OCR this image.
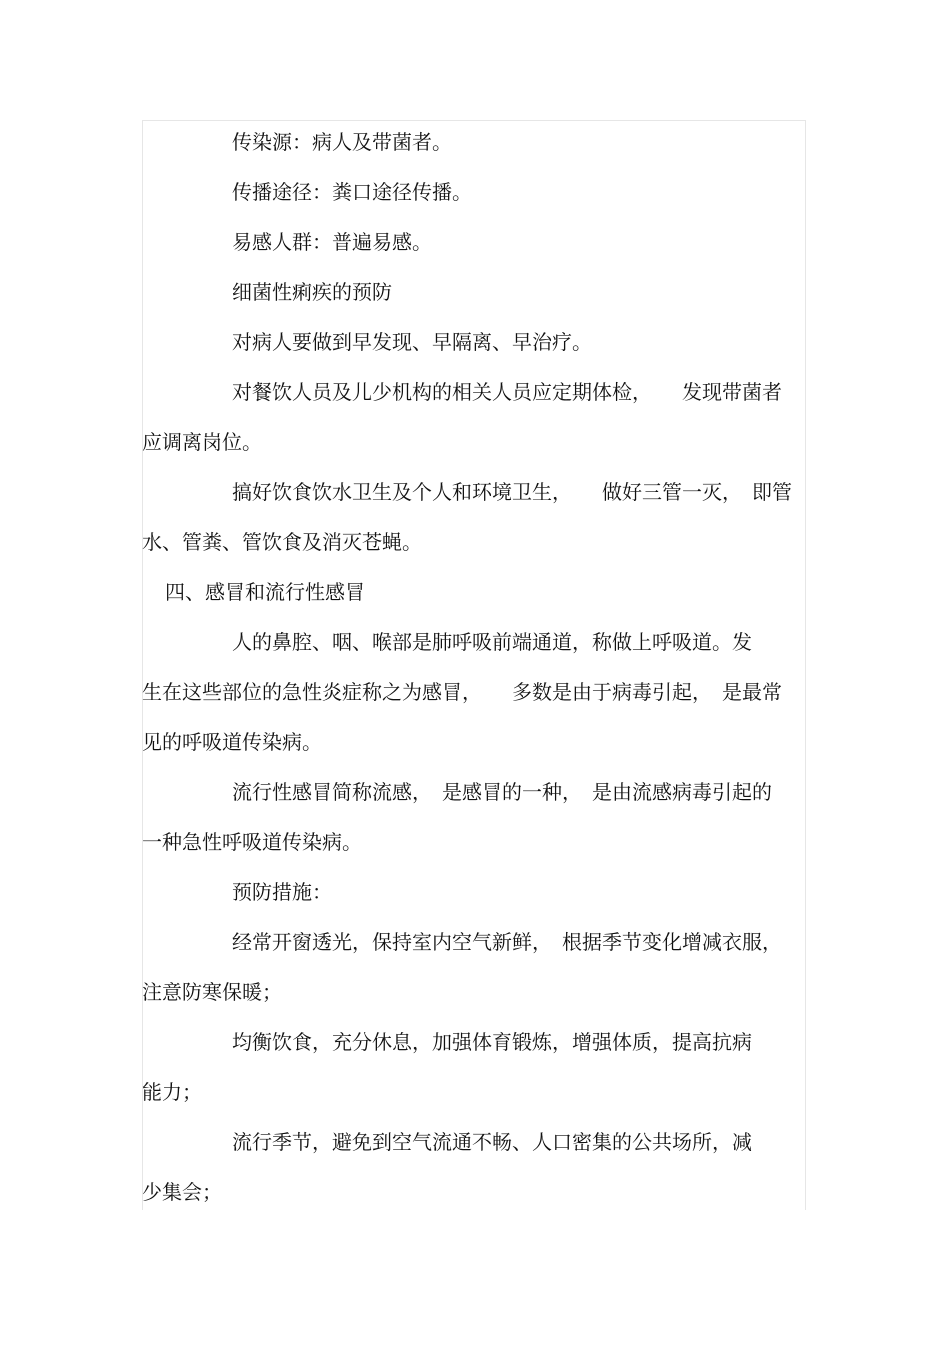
传染源：病人及带菌者。

传播途径：粪口途径传播。

易感人群：普遍易感。

细菌性痢疾的预防

对病人要做到早发现、早隔离、早治疗。

对餐饮人员及儿少机构的相关人员应定期体检，　　发现带菌者

应调离岗位。

搞好饮食饮水卫生及个人和环境卫生，　　做好三管一灭，　即管

水、管粪、管饮食及消灭苍蝇。

四、感冒和流行性感冒

人的鼻腔、咽、喉部是肺呼吸前端通道，称做上呼吸道。发

生在这些部位的急性炎症称之为感冒，　　多数是由于病毒引起，　是最常

见的呼吸道传染病。

流行性感冒简称流感，　是感冒的一种，　是由流感病毒引起的

一种急性呼吸道传染病。

预防措施：

经常开窗透光，保持室内空气新鲜，　根据季节变化增减衣服，

注意防寒保暖；

均衡饮食，充分休息，加强体育锻炼，增强体质，提高抗病

能力；

流行季节，避免到空气流通不畅、人口密集的公共场所，减

少集会；
